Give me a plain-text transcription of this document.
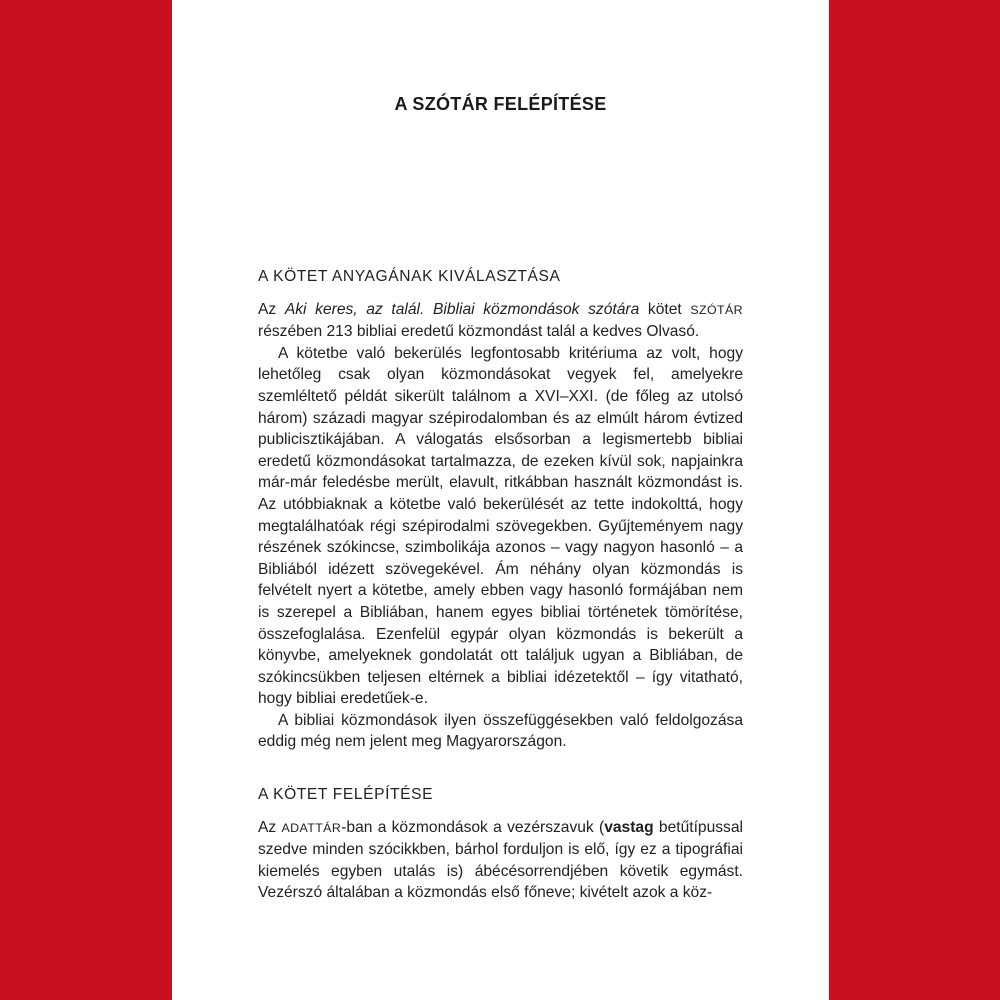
A SZÓTÁR FELÉPÍTÉSE
A KÖTET ANYAGÁNAK KIVÁLASZTÁSA

Az Aki keres, az talál. Bibliai közmondások szótára kötet SZÓTÁR részében 213 bibliai eredetű közmondást talál a kedves Olvasó.

A kötetbe való bekerülés legfontosabb kritériuma az volt, hogy lehetőleg csak olyan közmondásokat vegyek fel, amelyekre szemléltető példát sikerült találnom a XVI–XXI. (de főleg az utolsó három) századi magyar szépirodalomban és az elmúlt három évtized publicisztikájában. A válogatás elsősorban a legismertebb bibliai eredetű közmondásokat tartalmazza, de ezeken kívül sok, napjainkra már-már feledésbe merült, elavult, ritkábban használt közmondást is. Az utóbbiaknak a kötetbe való bekerülését az tette indokolttá, hogy megtalálhatóak régi szépirodalmi szövegekben. Gyűjteményem nagy részének szókincse, szimbolikája azonos – vagy nagyon hasonló – a Bibliából idézett szövegekével. Ám néhány olyan közmondás is felvételt nyert a kötetbe, amely ebben vagy hasonló formájában nem is szerepel a Bibliában, hanem egyes bibliai történetek tömörítése, összefoglalása. Ezenfelül egypár olyan közmondás is bekerült a könyvbe, amelyeknek gondolatát ott találjuk ugyan a Bibliában, de szókincsükben teljesen eltérnek a bibliai idézetektől – így vitatható, hogy bibliai eredetűek-e.

A bibliai közmondások ilyen összefüggésekben való feldolgozása eddig még nem jelent meg Magyarországon.

A KÖTET FELÉPÍTÉSE

Az ADATTÁR-ban a közmondások a vezérszavuk (vastag betűtípussal szedve minden szócikkben, bárhol forduljon is elő, így ez a tipográfiai kiemelés egyben utalás is) ábécésorrendjében követik egymást. Vezérszó általában a közmondás első főneve; kivételt azok a köz-
